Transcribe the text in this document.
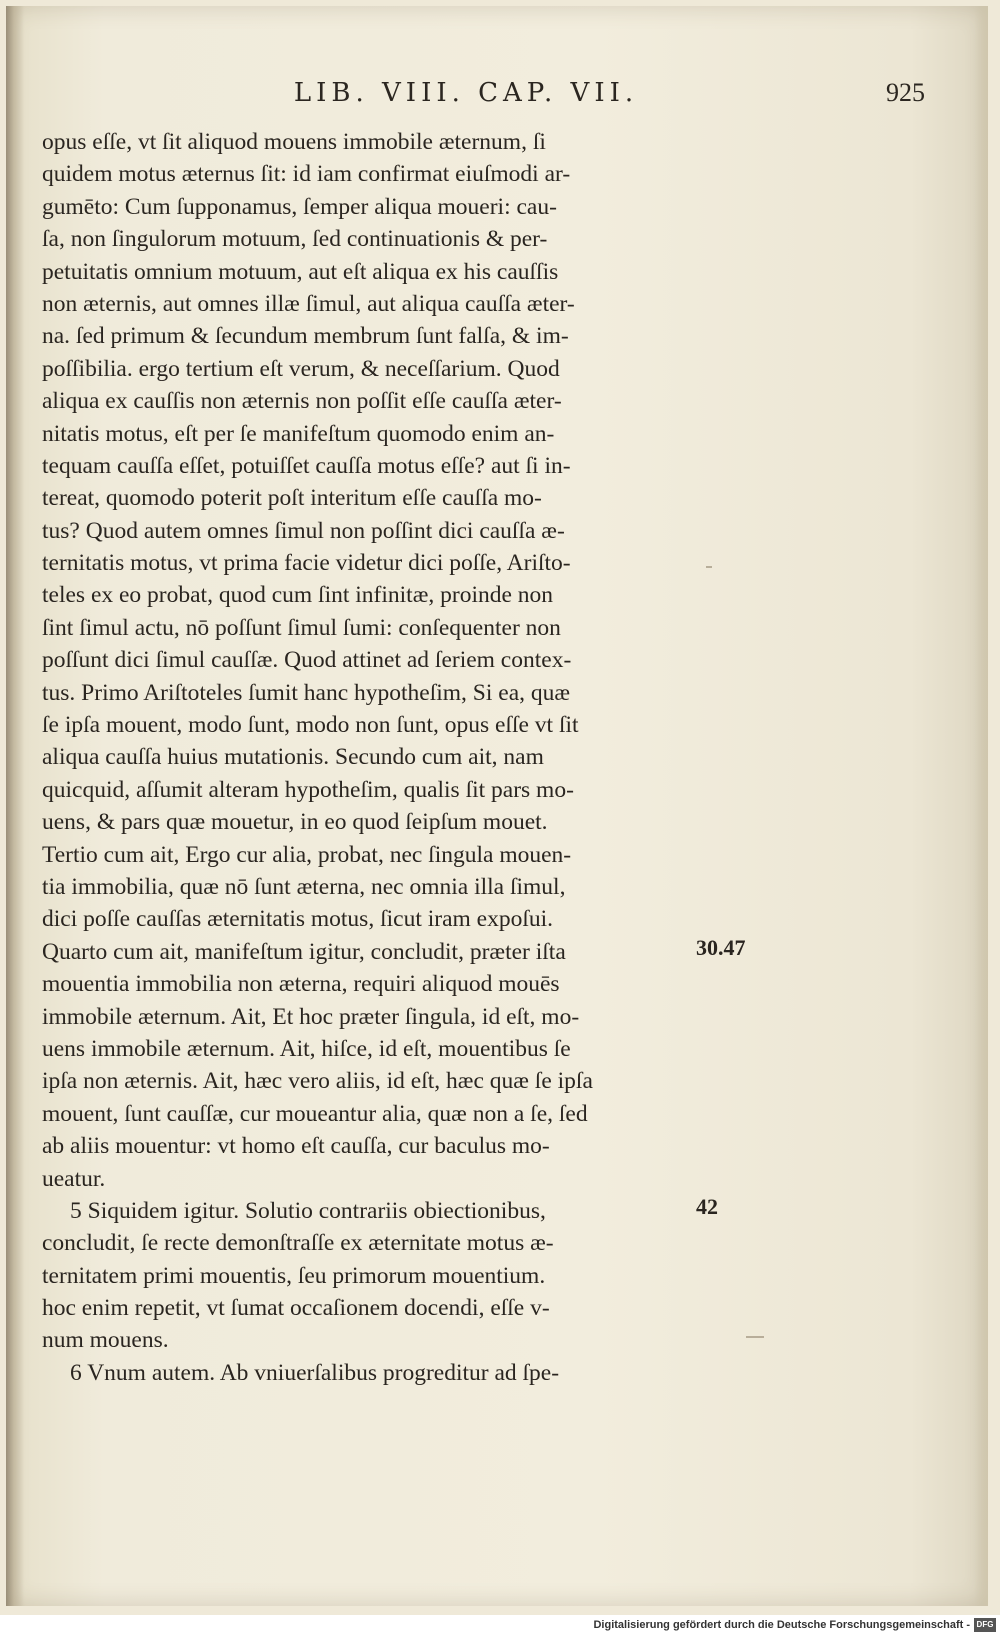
LIB. VIII. CAP. VII.	925
opus eſſe, vt ſit aliquod mouens immobile æternum, ſi
quidem motus æternus ſit: id iam confirmat eiuſmodi ar-
gumēto: Cum ſupponamus, ſemper aliqua moueri: cau-
ſa, non ſingulorum motuum, ſed continuationis & per-
petuitatis omnium motuum, aut eſt aliqua ex his cauſſis
non æternis, aut omnes illæ ſimul, aut aliqua cauſſa æter-
na. ſed primum & ſecundum membrum ſunt falſa, & im-
poſſibilia. ergo tertium eſt verum, & neceſſarium. Quod
aliqua ex cauſſis non æternis non poſſit eſſe cauſſa æter-
nitatis motus, eſt per ſe manifeſtum quomodo enim an-
tequam cauſſa eſſet, potuiſſet cauſſa motus eſſe? aut ſi in-
tereat, quomodo poterit poſt interitum eſſe cauſſa mo-
tus? Quod autem omnes ſimul non poſſint dici cauſſa æ-
ternitatis motus, vt prima facie videtur dici poſſe, Ariſto-
teles ex eo probat, quod cum ſint infinitæ, proinde non
ſint ſimul actu, nō poſſunt ſimul ſumi: conſequenter non
poſſunt dici ſimul cauſſæ. Quod attinet ad ſeriem contex-
tus. Primo Ariſtoteles ſumit hanc hypotheſim, Si ea, quæ
ſe ipſa mouent, modo ſunt, modo non ſunt, opus eſſe vt ſit
aliqua cauſſa huius mutationis. Secundo cum ait, nam
quicquid, aſſumit alteram hypotheſim, qualis ſit pars mo-
uens, & pars quæ mouetur, in eo quod ſeipſum mouet.
Tertio cum ait, Ergo cur alia, probat, nec ſingula mouen-
tia immobilia, quæ nō ſunt æterna, nec omnia illa ſimul,
dici poſſe cauſſas æternitatis motus, ſicut iram expoſui.
Quarto cum ait, manifeſtum igitur, concludit, præter iſta
mouentia immobilia non æterna, requiri aliquod mouēs
immobile æternum. Ait, Et hoc præter ſingula, id eſt, mo-
uens immobile æternum. Ait, hiſce, id eſt, mouentibus ſe
ipſa non æternis. Ait, hæc vero aliis, id eſt, hæc quæ ſe ipſa
mouent, ſunt cauſſæ, cur moueantur alia, quæ non a ſe, ſed
ab aliis mouentur: vt homo eſt cauſſa, cur baculus mo-
ueatur.
5 Siquidem igitur. Solutio contrariis obiectionibus,
concludit, ſe recte demonſtraſſe ex æternitate motus æ-
ternitatem primi mouentis, ſeu primorum mouentium.
hoc enim repetit, vt ſumat occaſionem docendi, eſſe v-
num mouens.
6 Vnum autem. Ab vniuerſalibus progreditur ad ſpe-
30.47
42
Digitalisierung gefördert durch die Deutsche Forschungsgemeinschaft - DFG
